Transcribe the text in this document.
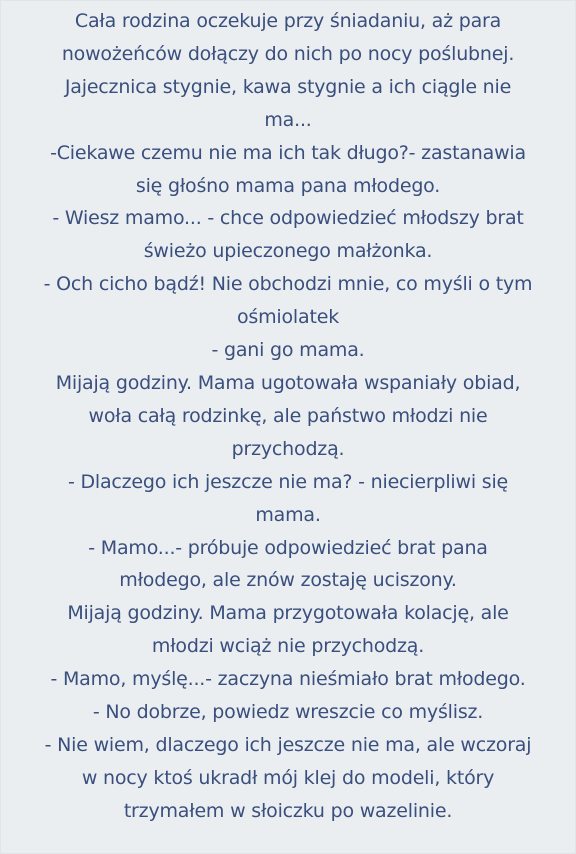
Cała rodzina oczekuje przy śniadaniu, aż para
nowożeńców dołączy do nich po nocy poślubnej.
Jajecznica stygnie, kawa stygnie a ich ciągle nie
ma...
-Ciekawe czemu nie ma ich tak długo?- zastanawia
się głośno mama pana młodego.
- Wiesz mamo... - chce odpowiedzieć młodszy brat
świeżo upieczonego małżonka.
- Och cicho bądź! Nie obchodzi mnie, co myśli o tym
ośmiolatek
- gani go mama.
Mijają godziny. Mama ugotowała wspaniały obiad,
woła całą rodzinkę, ale państwo młodzi nie
przychodzą.
- Dlaczego ich jeszcze nie ma? - niecierpliwi się
mama.
- Mamo...- próbuje odpowiedzieć brat pana
młodego, ale znów zostaję uciszony.
Mijają godziny. Mama przygotowała kolację, ale
młodzi wciąż nie przychodzą.
- Mamo, myślę...- zaczyna nieśmiało brat młodego.
- No dobrze, powiedz wreszcie co myślisz.
- Nie wiem, dlaczego ich jeszcze nie ma, ale wczoraj
w nocy ktoś ukradł mój klej do modeli, który
trzymałem w słoiczku po wazelinie.
